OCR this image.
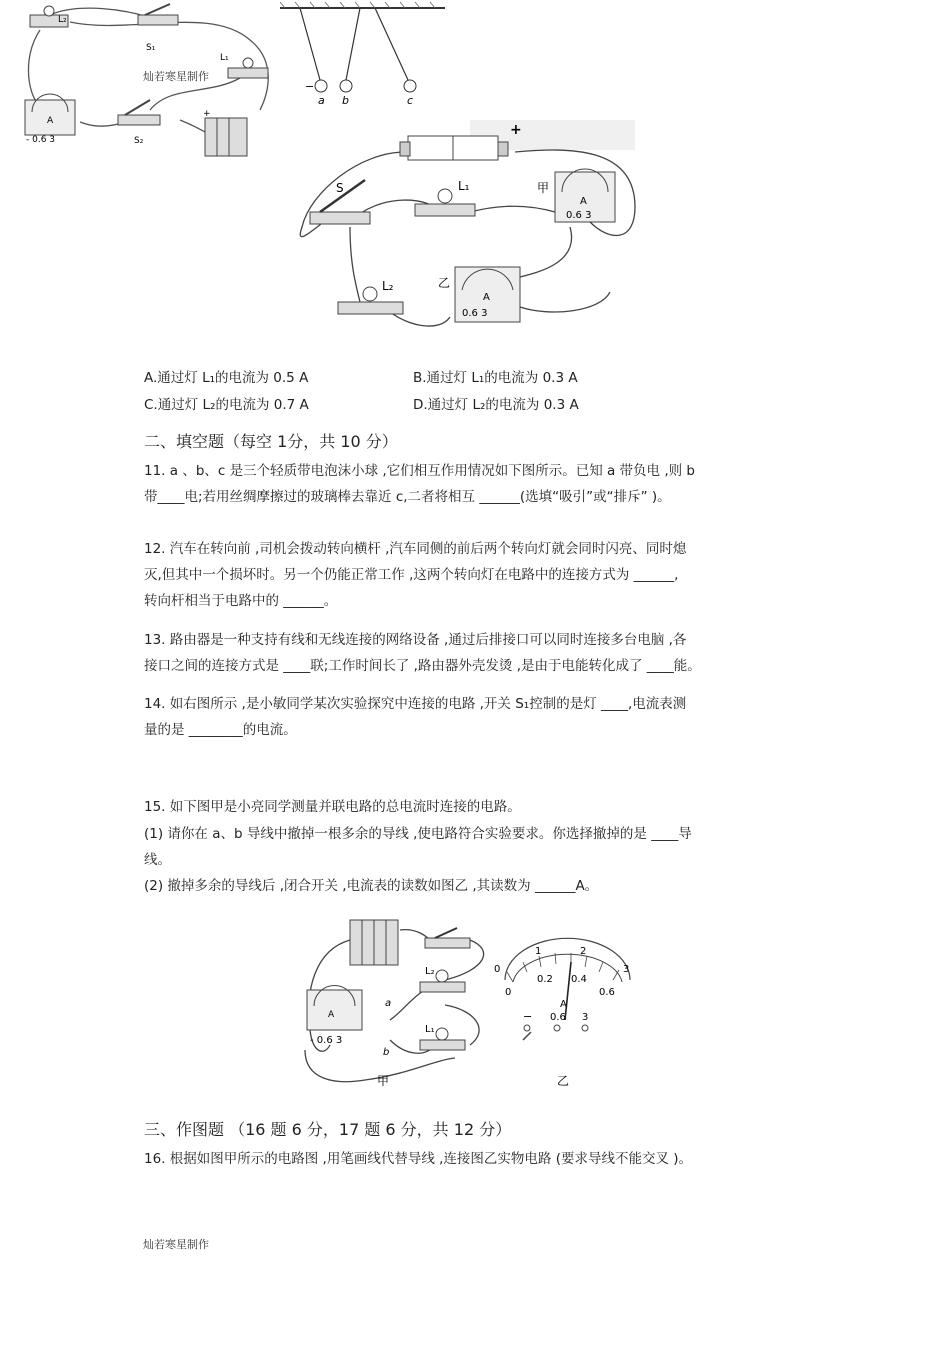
L₂
S₁
L₁
A
- 0.6 3	S₂
+
灿若寒星制作
−
a b	c
+
S	L₁
A
0.6 3
甲
L₂
A
0.6 3
乙
A.通过灯 L₁的电流为 0.5 A	B.通过灯 L₁的电流为 0.3 A
C.通过灯 L₂的电流为 0.7 A	D.通过灯 L₂的电流为 0.3 A
二、填空题（每空 1分，共 10 分）
11. a 、b、c 是三个轻质带电泡沫小球 ,它们相互作用情况如下图所示。已知 a 带负电 ,则 b
带____电;若用丝绸摩擦过的玻璃棒去靠近 c,二者将相互 ______(选填“吸引”或“排斥” )。
12. 汽车在转向前 ,司机会拨动转向横杆 ,汽车同侧的前后两个转向灯就会同时闪亮、同时熄
灭,但其中一个损坏时。另一个仍能正常工作 ,这两个转向灯在电路中的连接方式为 ______,
转向杆相当于电路中的 ______。
13. 路由器是一种支持有线和无线连接的网络设备 ,通过后排接口可以同时连接多台电脑 ,各
接口之间的连接方式是 ____联;工作时间长了 ,路由器外壳发烫 ,是由于电能转化成了 ____能。
14. 如右图所示 ,是小敏同学某次实验探究中连接的电路 ,开关 S₁控制的是灯 ____,电流表测
量的是 ________的电流。
15. 如下图甲是小亮同学测量并联电路的总电流时连接的电路。
(1) 请你在 a、b 导线中撤掉一根多余的导线 ,使电路符合实验要求。你选择撤掉的是 ____导
线。
(2) 撤掉多余的导线后 ,闭合开关 ,电流表的读数如图乙 ,其读数为 ______A。
L₂
L₁
A
- 0.6 3
a
b
甲
0
1	2
3
0
0.2 0.4
0.6
A
− 0.6 3
乙
三、作图题 （16 题 6 分，17 题 6 分，共 12 分）
16. 根据如图甲所示的电路图 ,用笔画线代替导线 ,连接图乙实物电路 (要求导线不能交叉 )。
灿若寒星制作
